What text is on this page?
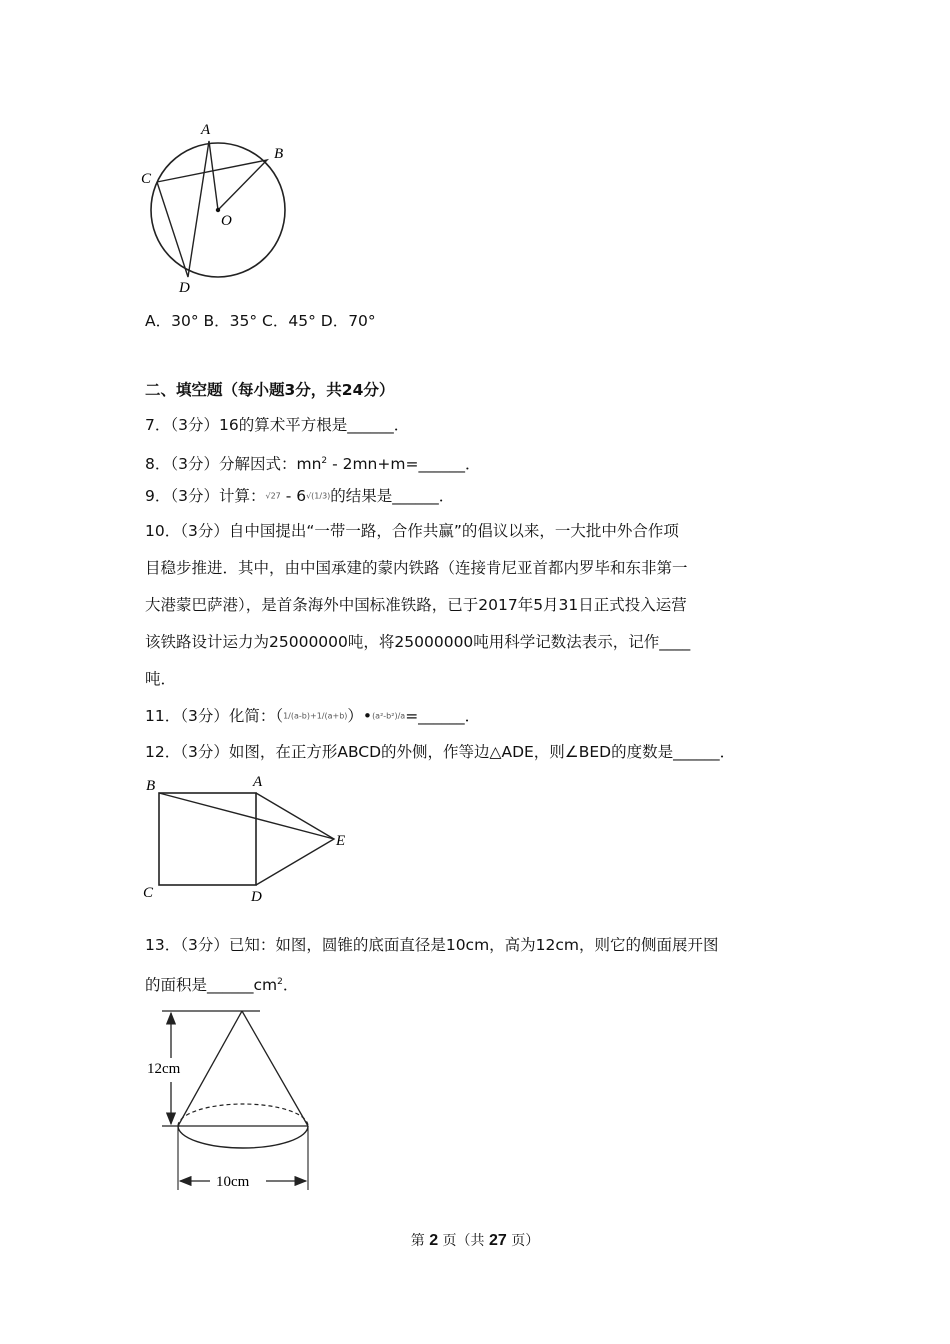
A
B
C
D
O
A．30° B．35° C．45° D．70°
二、填空题（每小题3分，共24分）
7．（3分）16的算术平方根是______．
8．（3分）分解因式：$mn^2$ - 2mn+m=______．
9．（3分）计算：√27 - 6√(1/3)的结果是______．
10．（3分）自中国提出“一带一路，合作共赢”的倡议以来，一大批中外合作项
目稳步推进．其中，由中国承建的蒙内铁路（连接肯尼亚首都内罗毕和东非第一
大港蒙巴萨港），是首条海外中国标准铁路，已于2017年5月31日正式投入运营
该铁路设计运力为25000000吨，将25000000吨用科学记数法表示，记作____
吨．
11．（3分）化简：（1/(a-b)+1/(a+b)）•(a²-b²)/a=______．
12．（3分）如图，在正方形ABCD的外侧，作等边△ADE，则∠BED的度数是______．
B	A
E
C	D
13．（3分）已知：如图，圆锥的底面直径是10cm，高为12cm，则它的侧面展开图
的面积是$\_\_\_\_\_\_cm^2$．
12cm
10cm
第 2 页（共 27 页）
